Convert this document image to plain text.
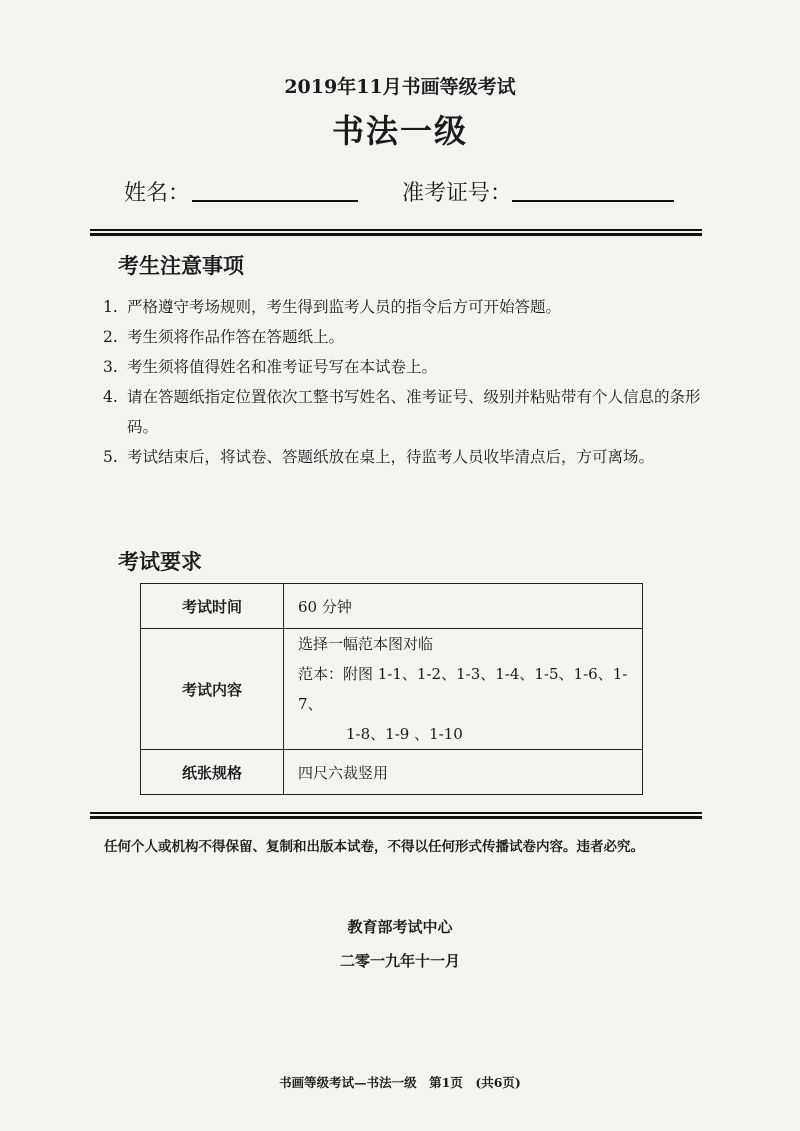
2019年11月书画等级考试
书法一级
姓名：	准考证号：
考生注意事项
1. 严格遵守考场规则，考生得到监考人员的指令后方可开始答题。
2. 考生须将作品作答在答题纸上。
3. 考生须将值得姓名和准考证号写在本试卷上。
4. 请在答题纸指定位置依次工整书写姓名、准考证号、级别并粘贴带有个人信息的条形码。
5. 考试结束后，将试卷、答题纸放在桌上，待监考人员收毕清点后，方可离场。
考试要求
考试时间	60 分钟
考试内容	选择一幅范本图对临
范本：附图 1-1、1-2、1-3、1-4、1-5、1-6、1-7、
1-8、1-9 、1-10

纸张规格	四尺六裁竖用
任何个人或机构不得保留、复制和出版本试卷，不得以任何形式传播试卷内容。违者必究。
教育部考试中心
二零一九年十一月
书画等级考试—书法一级　第1页　(共6页)
